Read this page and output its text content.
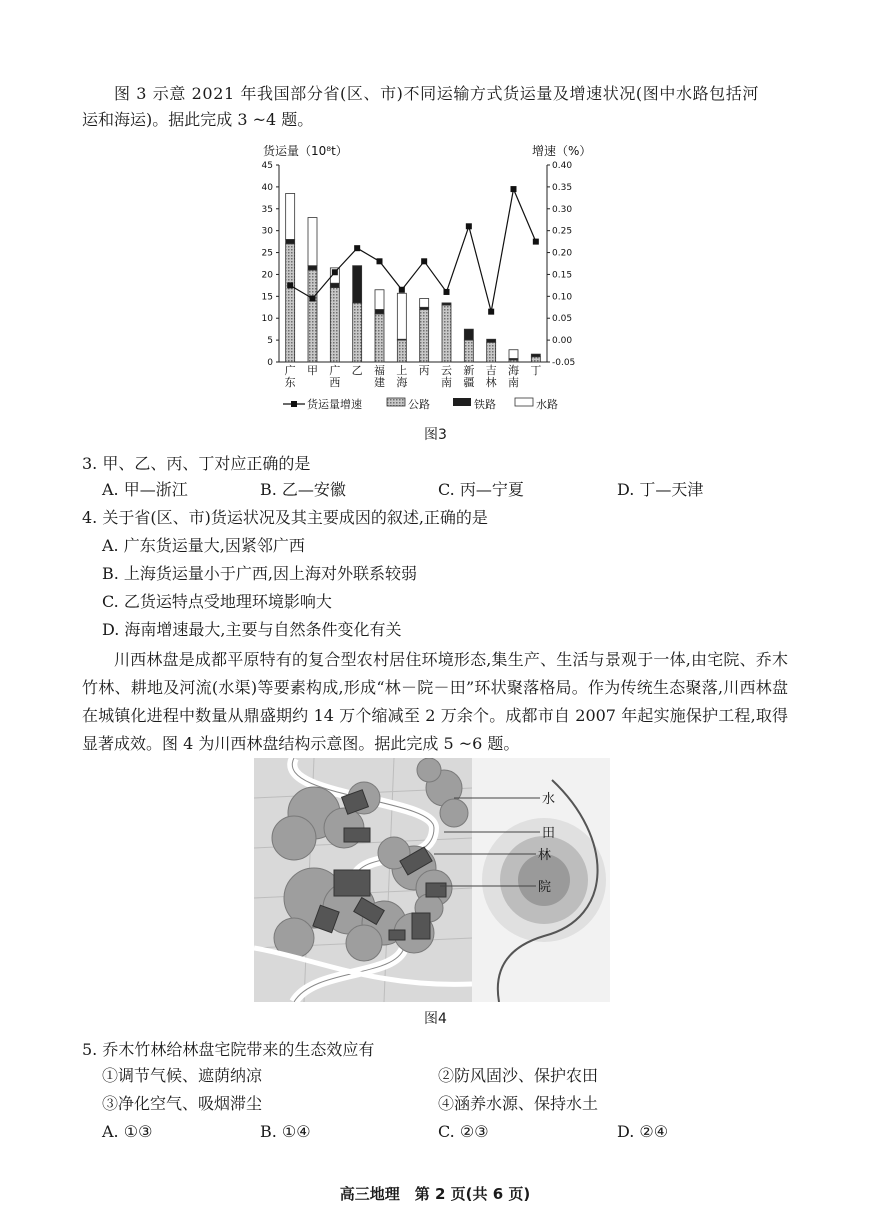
图 3 示意 2021 年我国部分省(区、市)不同运输方式货运量及增速状况(图中水路包括河
运和海运)。据此完成 3 ~4 题。
货运量（10⁸t）	增速（%）
0
5
10
15
20
25
30
35
40
45
-0.05
0.00
0.05
0.10
0.15
0.20
0.25
0.30
0.35
0.40
广
东
甲 广
西
乙 福
建
上
海
丙 云
南
新
疆
吉
林
海
南
丁
货运量增速	公路	铁路	水路
图3
3. 甲、乙、丙、丁对应正确的是
A. 甲—浙江	B. 乙—安徽	C. 丙—宁夏	D. 丁—天津
4. 关于省(区、市)货运状况及其主要成因的叙述,正确的是
A. 广东货运量大,因紧邻广西
B. 上海货运量小于广西,因上海对外联系较弱
C. 乙货运特点受地理环境影响大
D. 海南增速最大,主要与自然条件变化有关

川西林盘是成都平原特有的复合型农村居住环境形态,集生产、生活与景观于一体,由宅院、乔木竹林、耕地及河流(水渠)等要素构成,形成“林－院－田”环状聚落格局。作为传统生态聚落,川西林盘在城镇化进程中数量从鼎盛期约 14 万个缩减至 2 万余个。成都市自 2007 年起实施保护工程,取得显著成效。图 4 为川西林盘结构示意图。据此完成 5 ~6 题。

水
田
林
院
图4
5. 乔木竹林给林盘宅院带来的生态效应有
①调节气候、遮荫纳凉	②防风固沙、保护农田
③净化空气、吸烟滞尘	④涵养水源、保持水土
A. ①③	B. ①④	C. ②③	D. ②④
高三地理　第 2 页(共 6 页)
